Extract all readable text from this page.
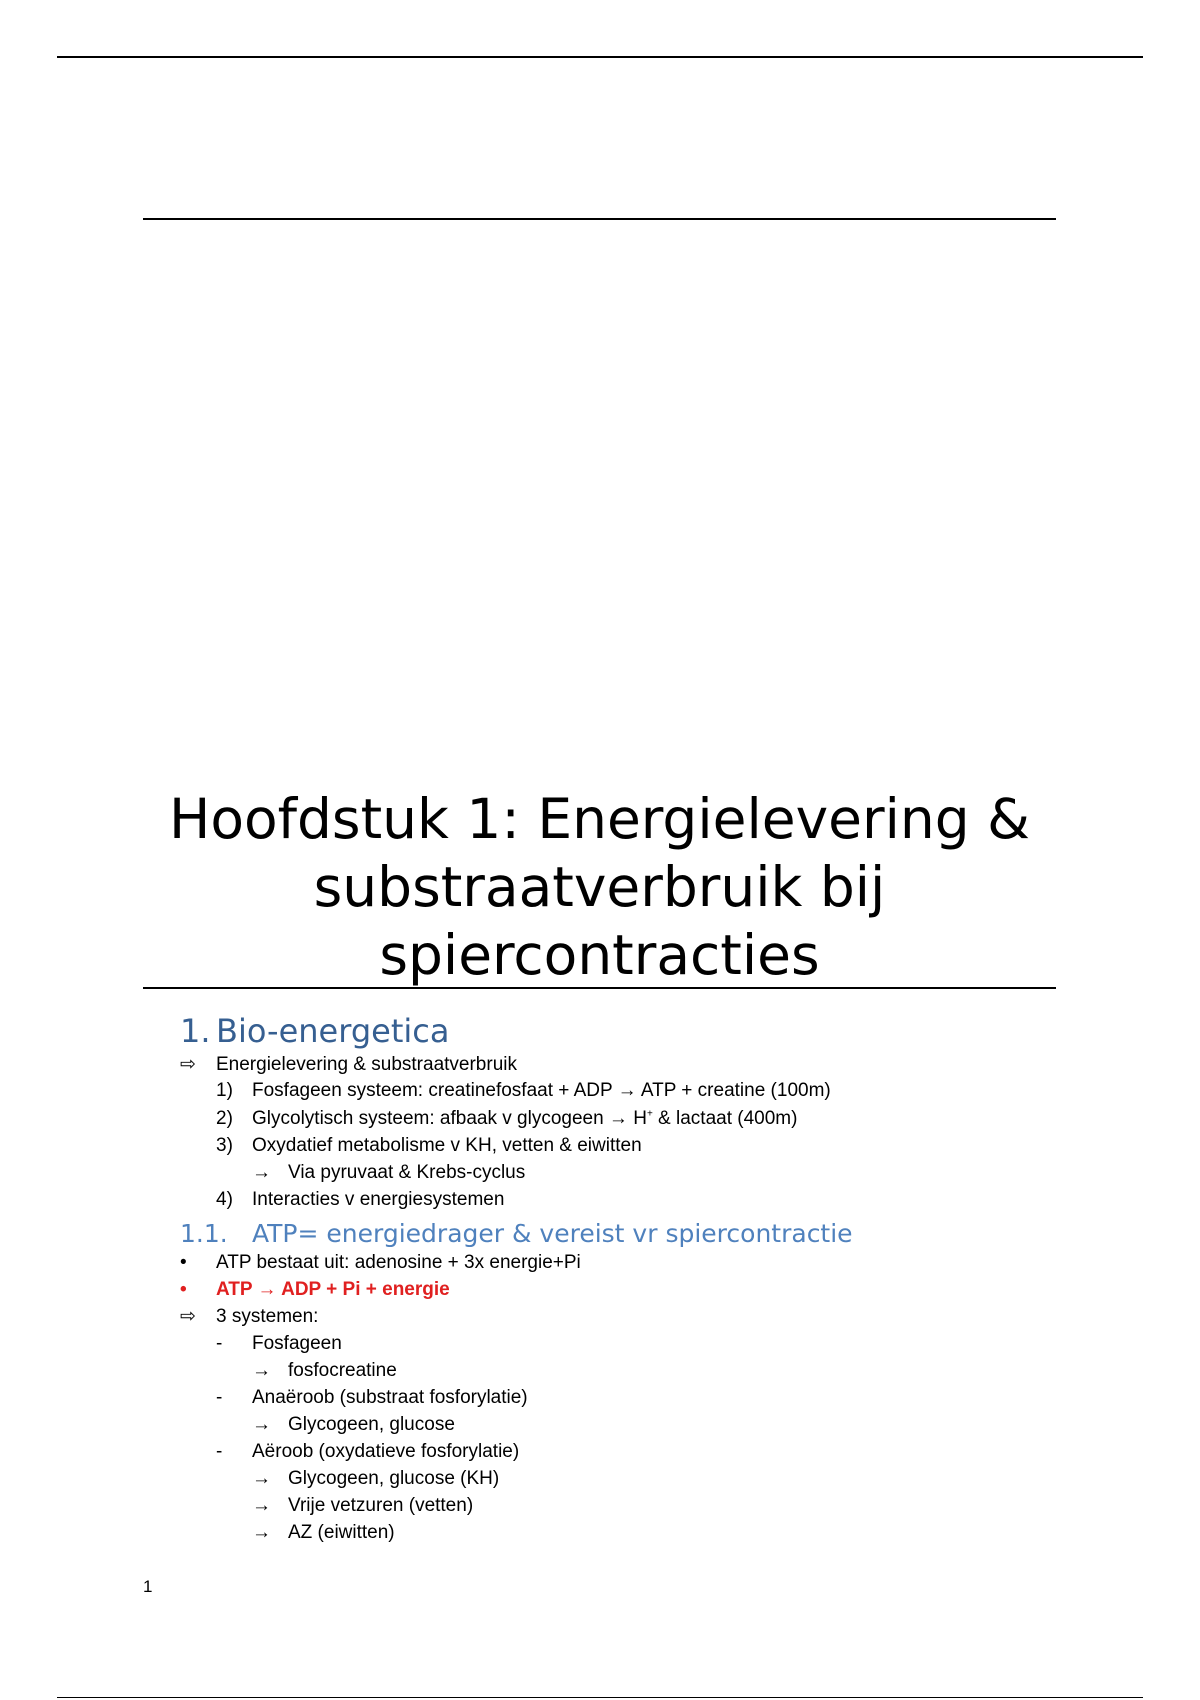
Hoofdstuk 1: Energielevering & substraatverbruik bij spiercontracties
1. Bio-energetica
⇨ Energielevering & substraatverbruik
1) Fosfageen systeem: creatinefosfaat + ADP → ATP + creatine (100m)
2) Glycolytisch systeem: afbaak v glycogeen → H+ & lactaat (400m)
3) Oxydatief metabolisme v KH, vetten & eiwitten
→ Via pyruvaat & Krebs-cyclus
4) Interacties v energiesystemen
1.1. ATP= energiedrager & vereist vr spiercontractie
• ATP bestaat uit: adenosine + 3x energie+Pi
• ATP → ADP + Pi + energie
⇨ 3 systemen:
- Fosfageen
→ fosfocreatine
- Anaëroob (substraat fosforylatie)
→ Glycogeen, glucose
- Aëroob (oxydatieve fosforylatie)
→ Glycogeen, glucose (KH)
→ Vrije vetzuren (vetten)
→ AZ (eiwitten)
1
